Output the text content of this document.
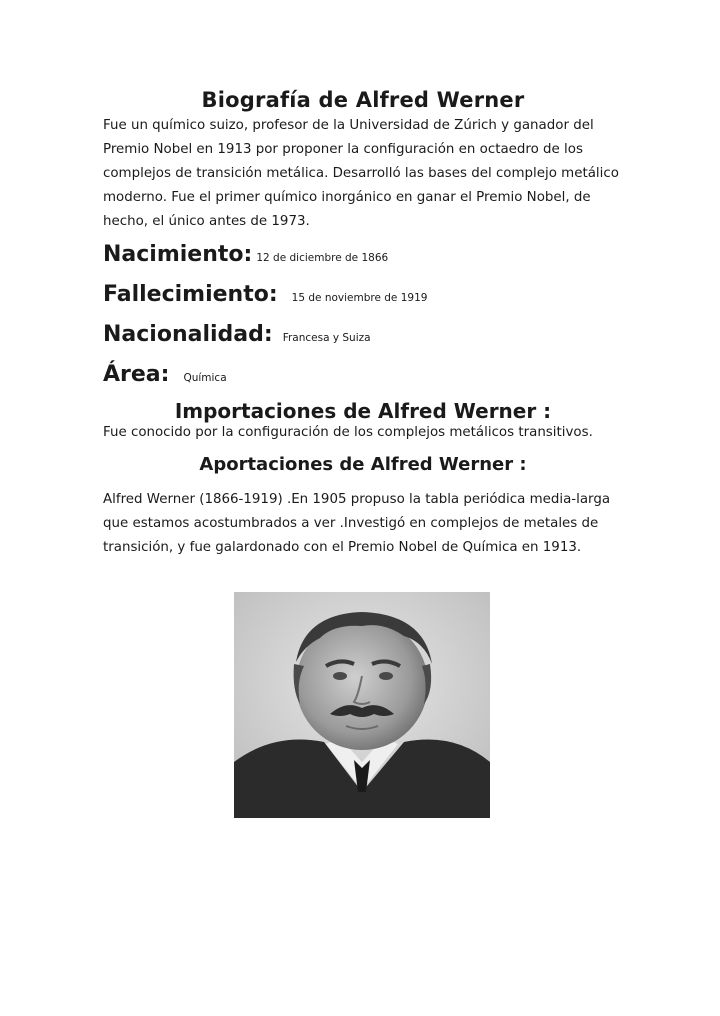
Biografía de Alfred Werner

Fue un químico suizo, profesor de la Universidad de Zúrich y ganador del Premio Nobel en 1913 por proponer la configuración en octaedro de los complejos de transición metálica. Desarrolló las bases del complejo metálico moderno. Fue el primer químico inorgánico en ganar el Premio Nobel, de hecho, el único antes de 1973.

Nacimiento: 12 de diciembre de 1866
Fallecimiento: 15 de noviembre de 1919
Nacionalidad: Francesa y Suiza
Área: Química
Importaciones de Alfred Werner :

Fue conocido por la configuración de los complejos metálicos transitivos.

Aportaciones de Alfred Werner :

Alfred Werner (1866-1919) .En 1905 propuso la tabla periódica media-larga que estamos acostumbrados a ver .Investigó en complejos de metales de transición, y fue galardonado con el Premio Nobel de Química en 1913.
